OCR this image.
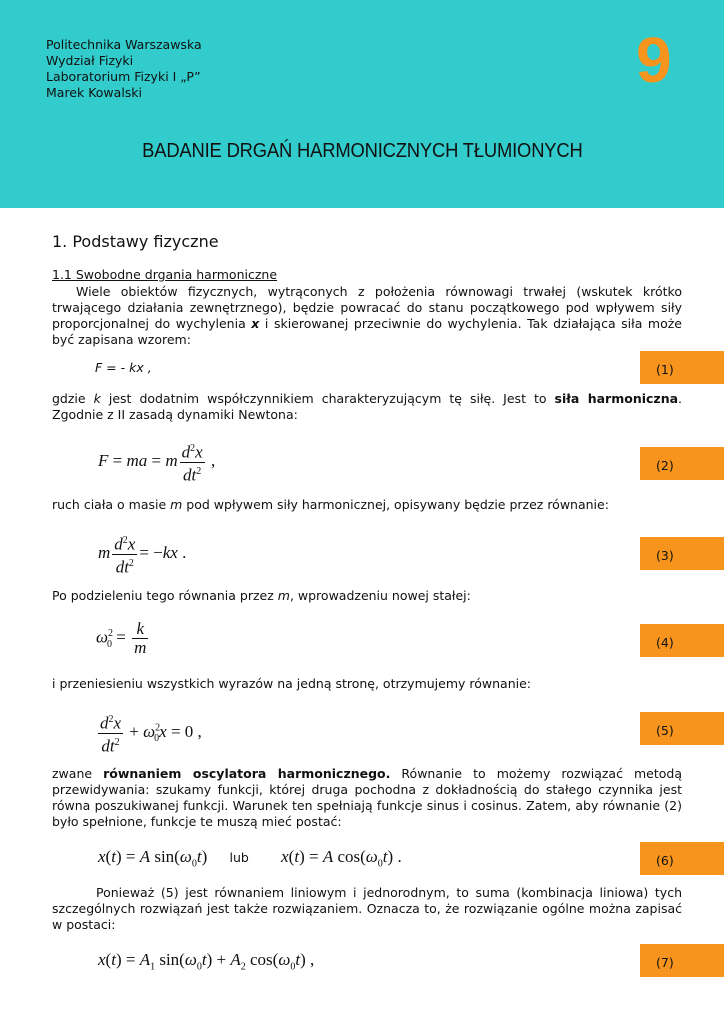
Politechnika Warszawska
Wydział Fizyki
Laboratorium Fizyki I „P”
Marek Kowalski	9
BADANIE DRGAŃ HARMONICZNYCH TŁUMIONYCH
1. Podstawy fizyczne
1.1 Swobodne drgania harmoniczne
Wiele obiektów fizycznych, wytrąconych z położenia równowagi trwałej (wskutek krótko trwającego działania zewnętrznego), będzie powracać do stanu początkowego pod wpływem siły proporcjonalnej do wychylenia x i skierowanej przeciwnie do wychylenia. Tak działająca siła może być zapisana wzorem:
F = - kx ,	(1)
gdzie k jest dodatnim współczynnikiem charakteryzującym tę siłę. Jest to siła harmoniczna. Zgodnie z II zasadą dynamiki Newtona:
F = ma = m $\frac{d^2x}{dt^2}$ ,	(2)
ruch ciała o masie m pod wpływem siły harmonicznej, opisywany będzie przez równanie:
m $\frac{d^2x}{dt^2} = -kx$ .	(3)
Po podzieleniu tego równania przez m, wprowadzeniu nowej stałej:
$\omega^2_0 = \frac{k}{m}$	(4)
i przeniesieniu wszystkich wyrazów na jedną stronę, otrzymujemy równanie:
$\frac{d^2x}{dt^2} + \omega^2_0x = 0$ ,	(5)
zwane równaniem oscylatora harmonicznego. Równanie to możemy rozwiązać metodą przewidywania: szukamy funkcji, której druga pochodna z dokładnością do stałego czynnika jest równa poszukiwanej funkcji. Warunek ten spełniają funkcje sinus i cosinus. Zatem, aby równanie (2) było spełnione, funkcje te muszą mieć postać:
x(t) = A $\sin(\omega_0t)$ lub x(t) = A $\cos(\omega_0t)$ .	(6)
Ponieważ (5) jest równaniem liniowym i jednorodnym, to suma (kombinacja liniowa) tych szczególnych rozwiązań jest także rozwiązaniem. Oznacza to, że rozwiązanie ogólne można zapisać w postaci:
$x(t) = A_1$ $\sin(\omega_0t) + A_2$ $\cos(\omega_0t)$ ,	(7)
